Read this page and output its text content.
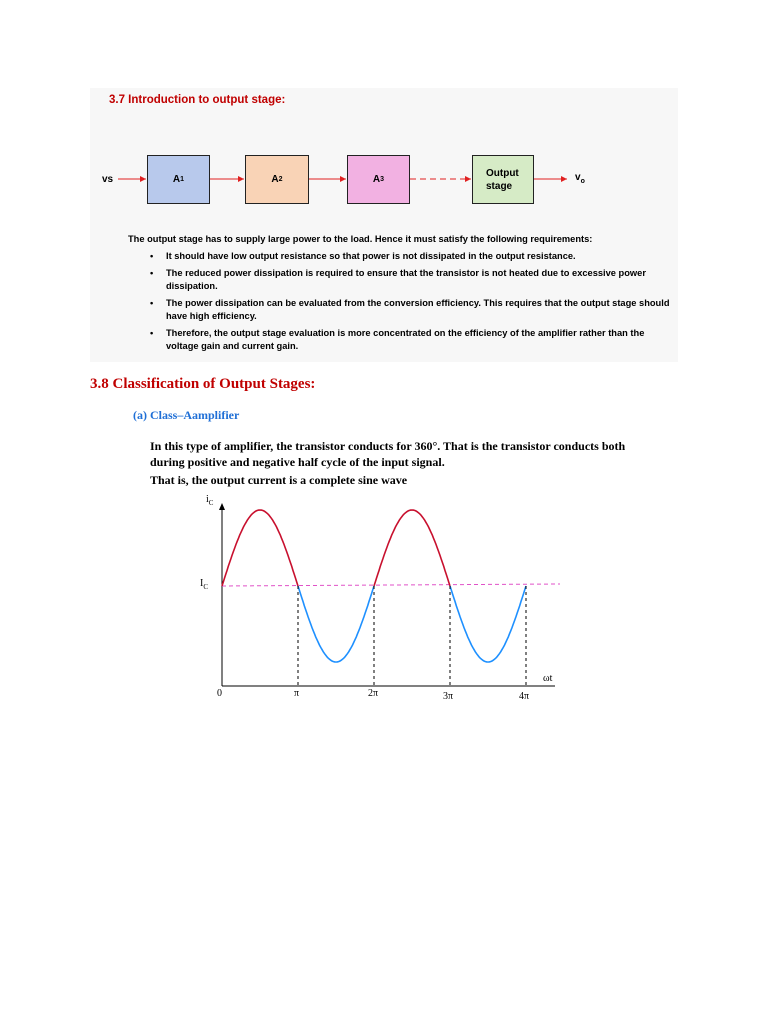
3.7 Introduction to output stage:
vs	A 1	A 2	A 3
Output
stage
$v_o$
The output stage has to supply large power to the load. Hence it must satisfy the following requirements:
• It should have low output resistance so that power is not dissipated in the output resistance.
• The reduced power dissipation is required to ensure that the transistor is not heated due to excessive power dissipation.
• The power dissipation can be evaluated from the conversion efficiency. This requires that the output stage should have high efficiency.
• Therefore, the output stage evaluation is more concentrated on the efficiency of the amplifier rather than the voltage gain and current gain.
3.8 Classification of Output Stages:
(a) Class–Aamplifier
In this type of amplifier, the transistor conducts for 360°. That is the transistor conducts both during positive and negative half cycle of the input signal.
That is, the output current is a complete sine wave
$i_C$
$I_C$
ωt
0	π	2π	3π	4π
